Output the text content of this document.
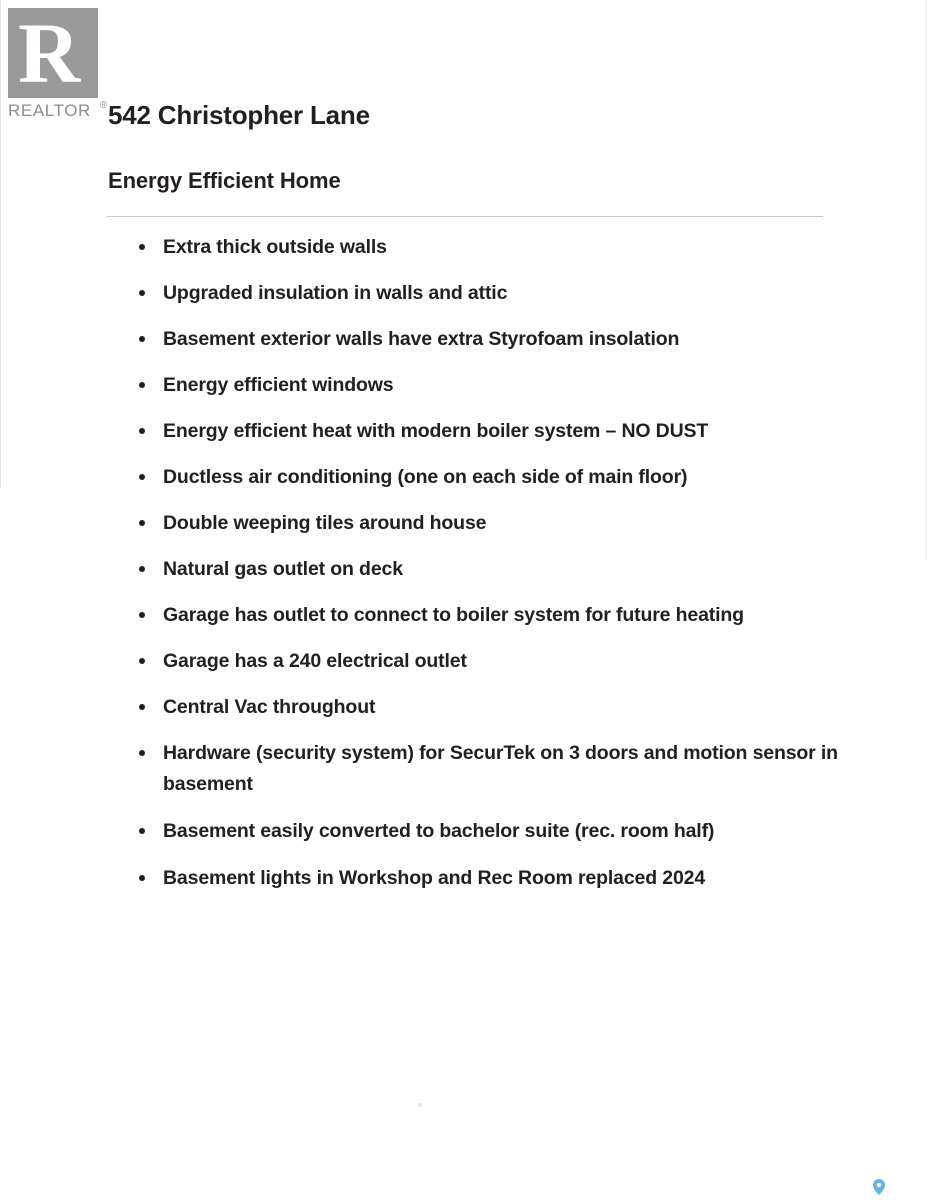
R
REALTOR ® 542 Christopher Lane
Energy Efficient Home
Extra thick outside walls
Upgraded insulation in walls and attic
Basement exterior walls have extra Styrofoam insolation
Energy efficient windows
Energy efficient heat with modern boiler system – NO DUST
Ductless air conditioning (one on each side of main floor)
Double weeping tiles around house
Natural gas outlet on deck
Garage has outlet to connect to boiler system for future heating
Garage has a 240 electrical outlet
Central Vac throughout
Hardware (security system) for SecurTek on 3 doors and motion sensor in basement
Basement easily converted to bachelor suite (rec. room half)
Basement lights in Workshop and Rec Room replaced 2024
